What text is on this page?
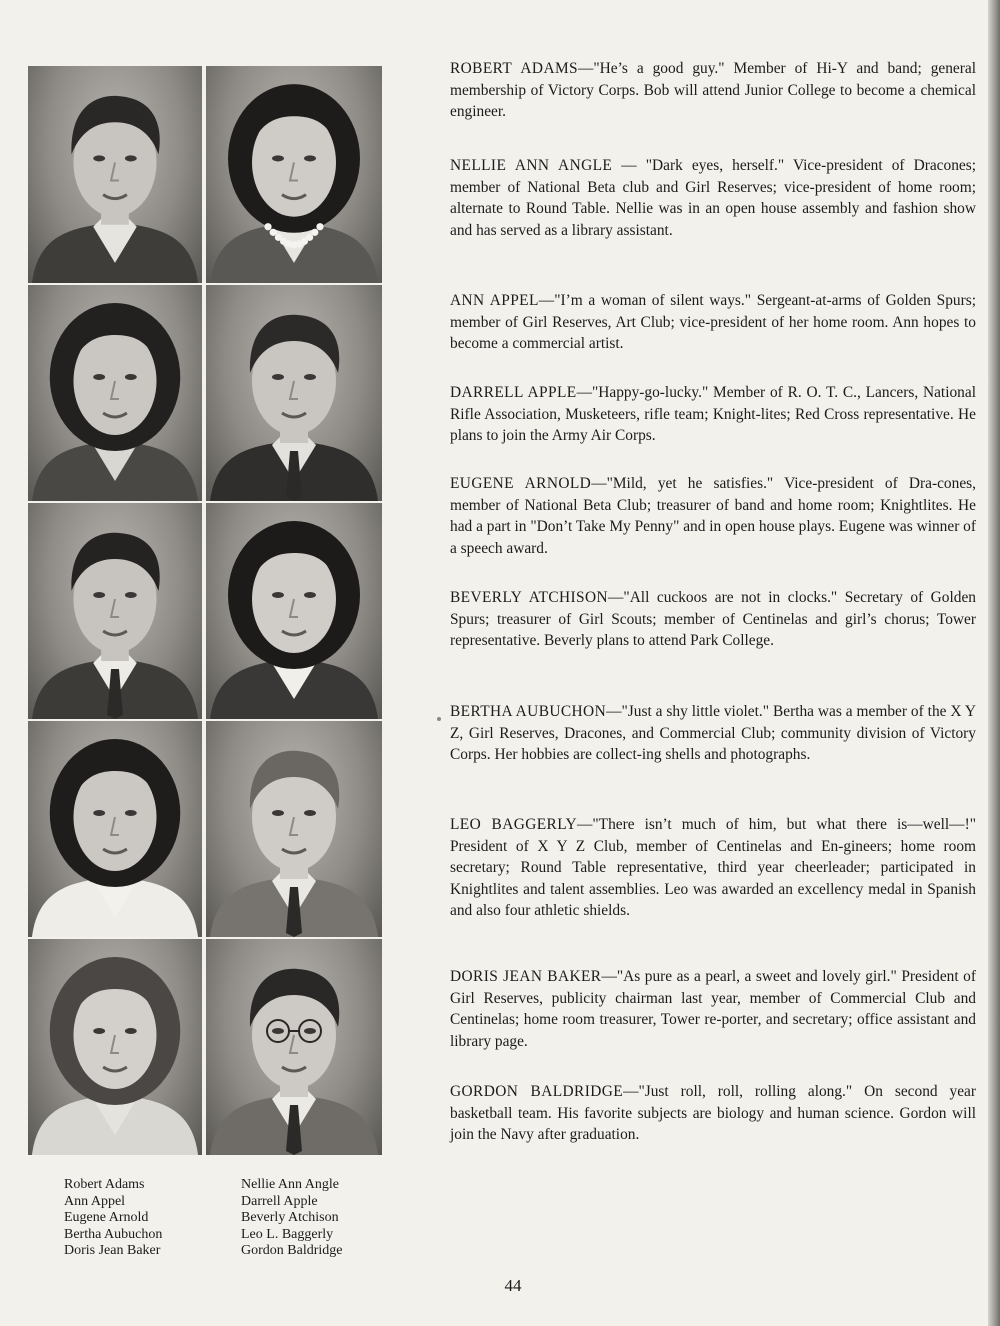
Robert Adams
Ann Appel
Eugene Arnold
Bertha Aubuchon
Doris Jean Baker
Nellie Ann Angle
Darrell Apple
Beverly Atchison
Leo L. Baggerly
Gordon Baldridge

ROBERT ADAMS—"He’s a good guy." Member of Hi-Y and band; general membership of Victory Corps. Bob will attend Junior College to become a chemical engineer.

NELLIE ANN ANGLE — "Dark eyes, herself." Vice-president of Dracones; member of National Beta club and Girl Reserves; vice-president of home room; alternate to Round Table. Nellie was in an open house assembly and fashion show and has served as a library assistant.

ANN APPEL—"I’m a woman of silent ways." Sergeant-at-arms of Golden Spurs; member of Girl Reserves, Art Club; vice-president of her home room. Ann hopes to become a commercial artist.

DARRELL APPLE—"Happy-go-lucky." Member of R. O. T. C., Lancers, National Rifle Association, Musketeers, rifle team; Knight-lites; Red Cross representative. He plans to join the Army Air Corps.

EUGENE ARNOLD—"Mild, yet he satisfies." Vice-president of Dra-cones, member of National Beta Club; treasurer of band and home room; Knightlites. He had a part in "Don’t Take My Penny" and in open house plays. Eugene was winner of a speech award.

BEVERLY ATCHISON—"All cuckoos are not in clocks." Secretary of Golden Spurs; treasurer of Girl Scouts; member of Centinelas and girl’s chorus; Tower representative. Beverly plans to attend Park College.

BERTHA AUBUCHON—"Just a shy little violet." Bertha was a member of the X Y Z, Girl Reserves, Dracones, and Commercial Club; community division of Victory Corps. Her hobbies are collect-ing shells and photographs.

LEO BAGGERLY—"There isn’t much of him, but what there is—well—!" President of X Y Z Club, member of Centinelas and En-gineers; home room secretary; Round Table representative, third year cheerleader; participated in Knightlites and talent assemblies. Leo was awarded an excellency medal in Spanish and also four athletic shields.

DORIS JEAN BAKER—"As pure as a pearl, a sweet and lovely girl." President of Girl Reserves, publicity chairman last year, member of Commercial Club and Centinelas; home room treasurer, Tower re-porter, and secretary; office assistant and library page.

GORDON BALDRIDGE—"Just roll, roll, rolling along." On second year basketball team. His favorite subjects are biology and human science. Gordon will join the Navy after graduation.

44
